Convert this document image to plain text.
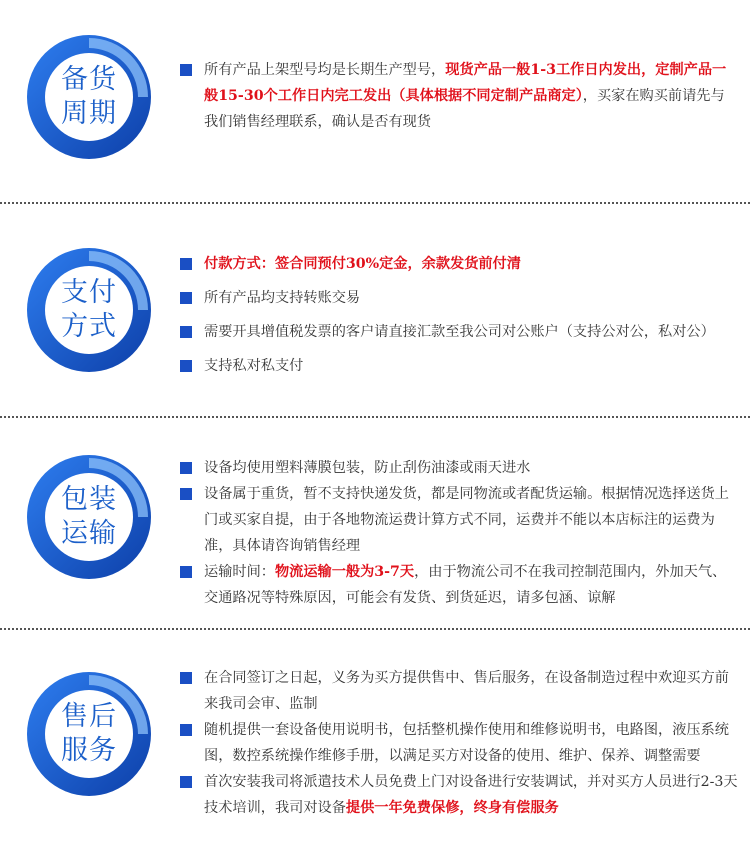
备货
周期
所有产品上架型号均是长期生产型号，现货产品一般1-3工作日内发出，定制产品一般15-30个工作日内完工发出（具体根据不同定制产品商定），买家在购买前请先与我们销售经理联系，确认是否有现货
支付
方式
付款方式：签合同预付30%定金，余款发货前付清
所有产品均支持转账交易
需要开具增值税发票的客户请直接汇款至我公司对公账户（支持公对公，私对公）
支持私对私支付
包装
运输
设备均使用塑料薄膜包装，防止刮伤油漆或雨天进水
设备属于重货，暂不支持快递发货，都是同物流或者配货运输。根据情况选择送货上门或买家自提，由于各地物流运费计算方式不同，运费并不能以本店标注的运费为准，具体请咨询销售经理
运输时间：物流运输一般为3-7天，由于物流公司不在我司控制范围内，外加天气、交通路况等特殊原因，可能会有发货、到货延迟，请多包涵、谅解
售后
服务
在合同签订之日起，义务为买方提供售中、售后服务，在设备制造过程中欢迎买方前来我司会审、监制
随机提供一套设备使用说明书，包括整机操作使用和维修说明书，电路图，液压系统图，数控系统操作维修手册，以满足买方对设备的使用、维护、保养、调整需要
首次安装我司将派遣技术人员免费上门对设备进行安装调试，并对买方人员进行2-3天技术培训，我司对设备提供一年免费保修，终身有偿服务
